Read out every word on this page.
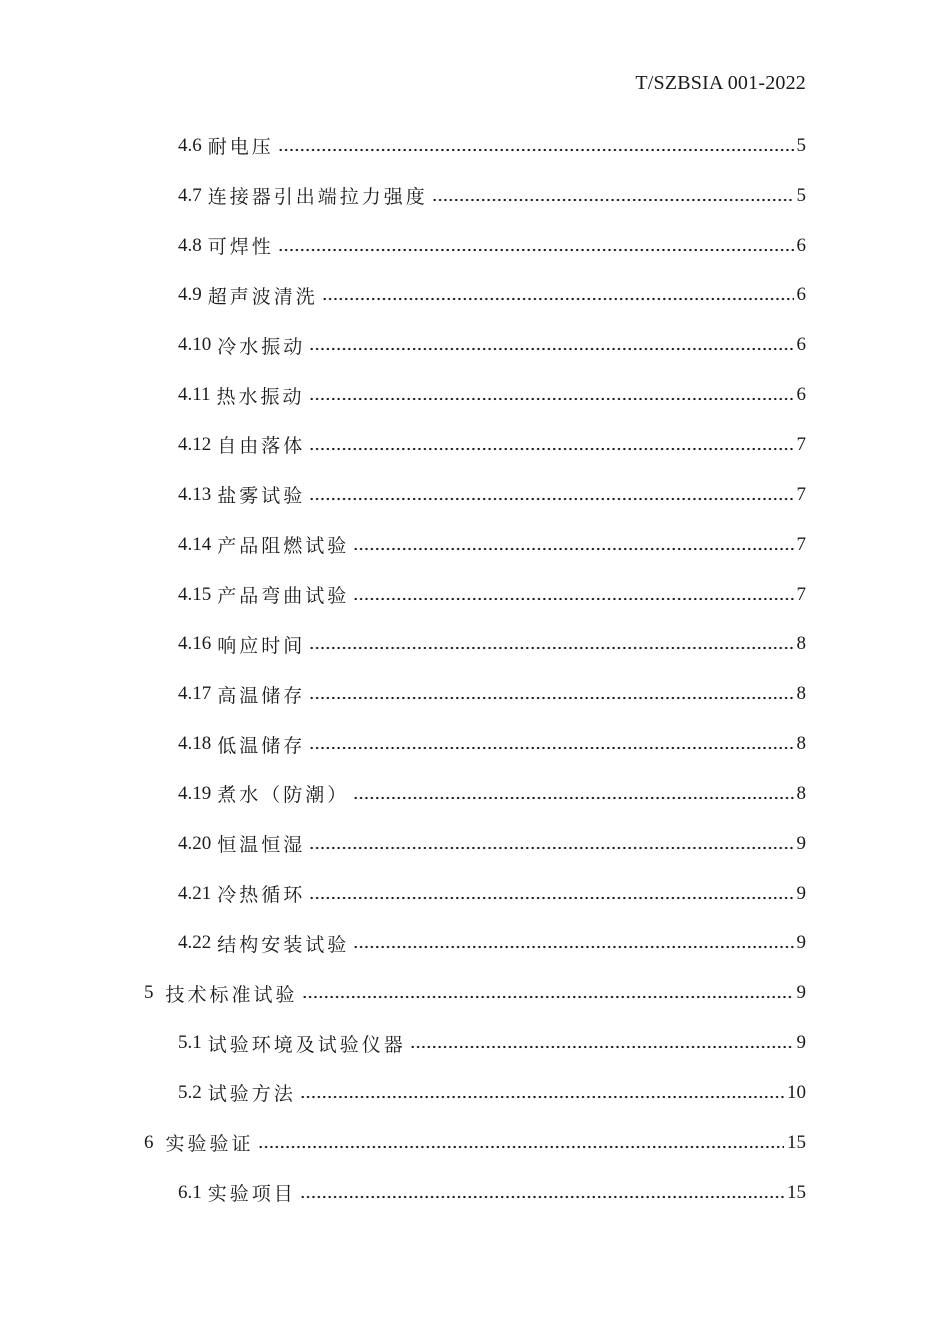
T/SZBSIA 001-2022
4.6 耐电压	5
4.7 连接器引出端拉力强度	5
4.8 可焊性	6
4.9 超声波清洗	6
4.10 冷水振动	6
4.11 热水振动	6
4.12 自由落体	7
4.13 盐雾试验	7
4.14 产品阻燃试验	7
4.15 产品弯曲试验	7
4.16 响应时间	8
4.17 高温储存	8
4.18 低温储存	8
4.19 煮水（防潮）	8
4.20 恒温恒湿	9
4.21 冷热循环	9
4.22 结构安装试验	9
5 技术标准试验	9
5.1 试验环境及试验仪器	9
5.2 试验方法	10
6 实验验证	15
6.1 实验项目	15
